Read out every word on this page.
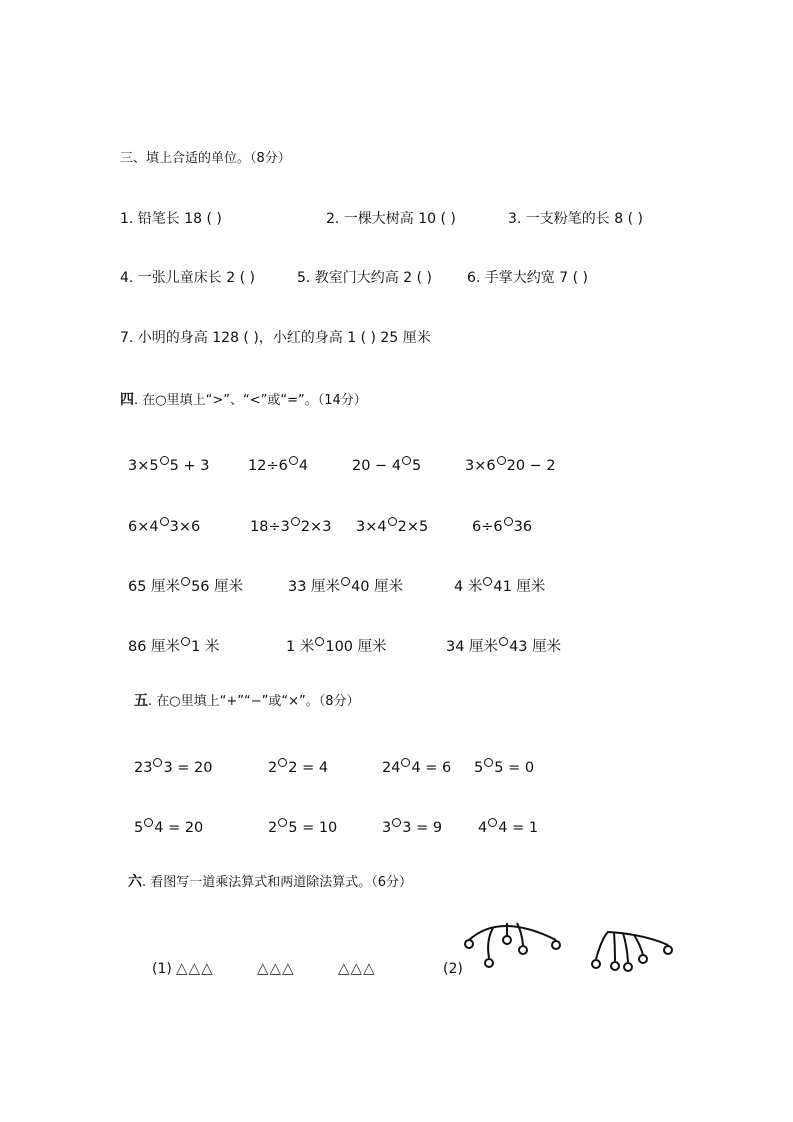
三、填上合适的单位。（8分）
1. 铅笔长 18 ( )	2. 一棵大树高 10 ( )	3. 一支粉笔的长 8 ( )
4. 一张儿童床长 2 ( )	5. 教室门大约高 2 ( )	6. 手掌大约宽 7 ( )
7. 小明的身高 128 ( )，小红的身高 1 ( ) 25 厘米
四. 在○里填上“>”、“<”或“=”。（14分）
3×5 5 + 3	12÷6 4	20 − 4 5	3×6 20 − 2
6×4 3×6	18÷3 2×3 3×4 2×5	6÷6 36
65 厘米 56 厘米	33 厘米 40 厘米	4 米 41 厘米
86 厘米 1 米	1 米 100 厘米	34 厘米 43 厘米
五. 在○里填上“+”“−”或“×”。（8分）
23 3 = 20	2 2 = 4	24 4 = 6 5 5 = 0
5 4 = 20	2 5 = 10	3 3 = 9 4 4 = 1
六. 看图写一道乘法算式和两道除法算式。（6分）
(1) △△△	△△△	△△△	(2)
